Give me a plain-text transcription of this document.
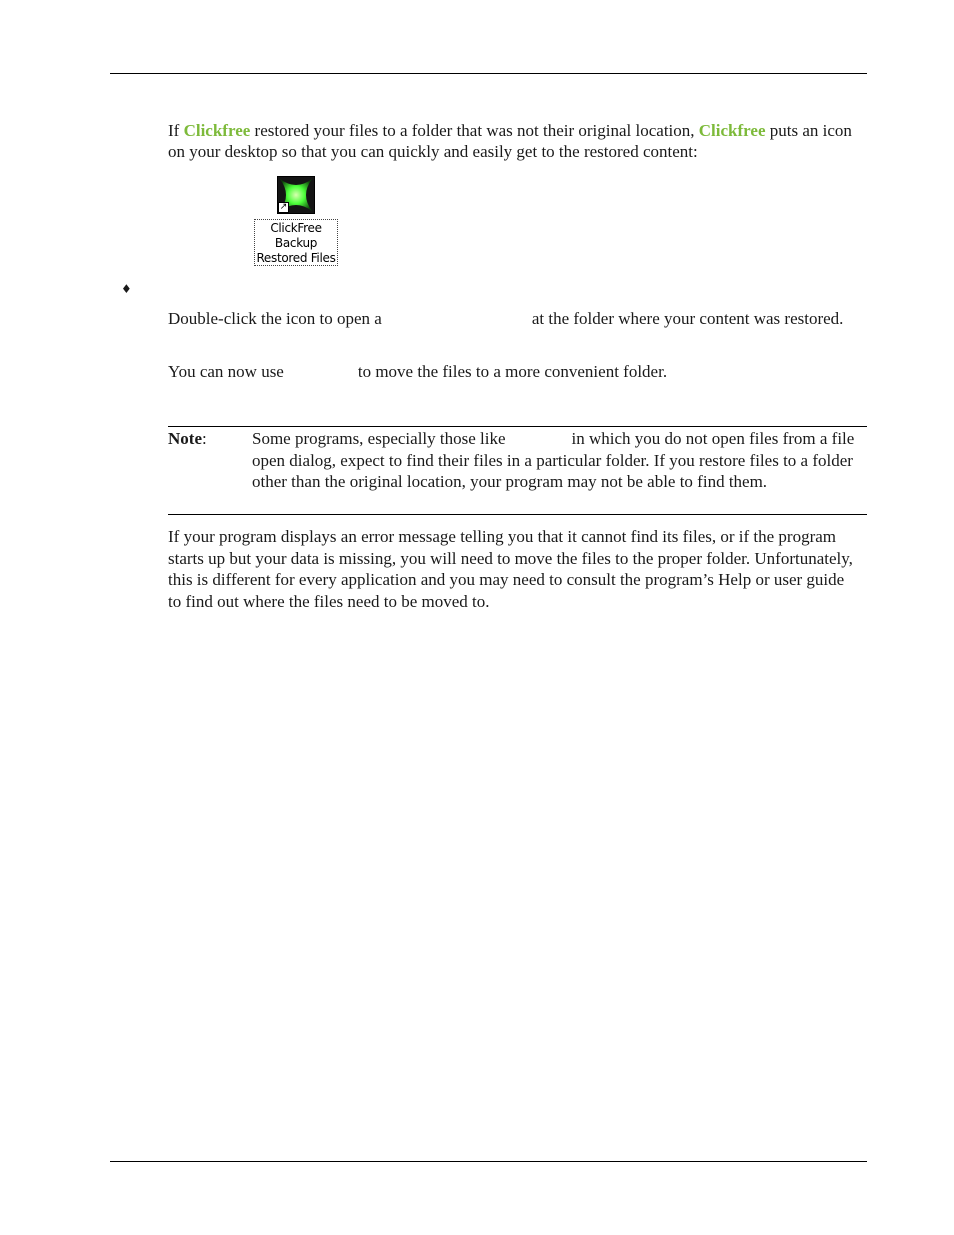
If Clickfree restored your files to a folder that was not their original location, Clickfree puts an icon on your desktop so that you can quickly and easily get to the restored content:

↗
ClickFree
Backup
Restored Files
♦

Double-click the icon to open a	at the folder where your content was restored.

You can now use	to move the files to a more convenient folder.

Note:	Some programs, especially those like	in which you do not open files from a file open dialog, expect to find their files in a particular folder. If you restore files to a folder other than the original location, your program may not be able to find them.

If your program displays an error message telling you that it cannot find its files, or if the program starts up but your data is missing, you will need to move the files to the proper folder. Unfortunately, this is different for every application and you may need to consult the program’s Help or user guide to find out where the files need to be moved to.
